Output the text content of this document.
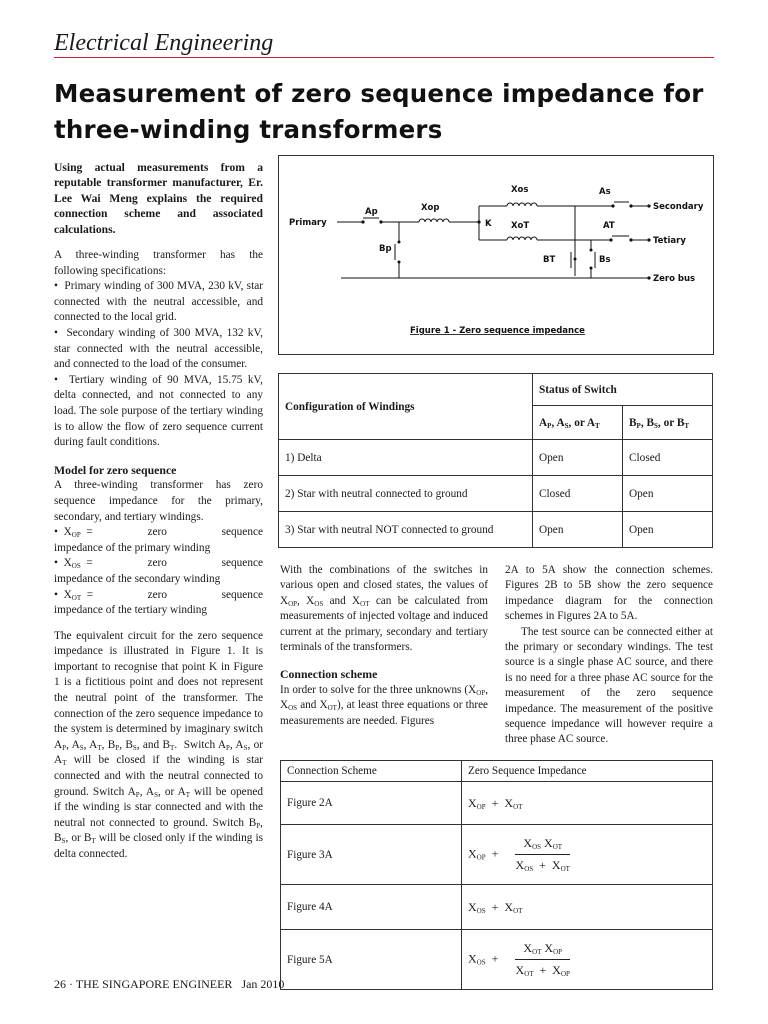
Electrical Engineering
Measurement of zero sequence impedance for three-winding transformers

Using actual measurements from a reputable transformer manufacturer, Er. Lee Wai Meng explains the required connection scheme and associated calculations.

A three-winding transformer has the following specifications:

•  Primary winding of 300 MVA, 230 kV, star connected with the neutral accessible, and connected to the local grid.

•  Secondary winding of 300 MVA, 132 kV, star connected with the neutral accessible, and connected to the load of the consumer.

•  Tertiary winding of 90 MVA, 15.75 kV, delta connected, and not connected to any load. The sole purpose of the tertiary winding is to allow the flow of zero sequence current during fault conditions.

Model for zero sequence

A three-winding transformer has zero sequence impedance for the primary, secondary, and tertiary windings.

•  $X_{OP}$ =	zero	sequence
impedance of the primary winding
•  $X_{OS}$ =	zero	sequence
impedance of the secondary winding
•  $X_{OT}$ =	zero	sequence
impedance of the tertiary winding

The equivalent circuit for the zero sequence impedance is illustrated in Figure 1. It is important to recognise that point K in Figure 1 is a fictitious point and does not represent the neutral point of the transformer. The connection of the zero sequence impedance to the system is determined by imaginary switch $A_P$, $A_S$, $A_T$, $B_P$, $B_S$, and $B_T$.  Switch $A_P$, $A_S$, or $A_T$ will be closed if the winding is star connected and with the neutral connected to ground. Switch $A_P$, $A_S$, or $A_T$ will be opened if the winding is star connected and with the neutral not connected to ground. Switch $B_P$, $B_S$, or $B_T$ will be closed only if the winding is delta connected.

Primary
Ap	Xop
Bp
K
Xos
XoT
As
AT
BT	Bs
Secondary
Tetiary
Zero bus
Figure 1 - Zero sequence impedance
Configuration of Windings	Status of Switch	
	$A_P$, $A_S$, or $A_T$	$B_P$, $B_S$, or $B_T$
1) Delta	Open	Closed
2) Star with neutral connected to ground	Closed	Open
3) Star with neutral NOT connected to ground	Open	Open

With the combinations of the switches in various open and closed states, the values of $X_{OP}$, $X_{OS}$ and $X_{OT}$ can be calculated from measurements of injected voltage and induced current at the primary, secondary and tertiary terminals of the transformers.

Connection scheme

In order to solve for the three unknowns ($X_{OP}$, $X_{OS}$ and $X_{OT}$), at least three equations or three measurements are needed. Figures

2A to 5A show the connection schemes. Figures 2B to 5B show the zero sequence impedance diagram for the connection schemes in Figures 2A to 5A.

The test source can be connected either at the primary or secondary windings. The test source is a single phase AC source, and there is no need for a three phase AC source for the measurement of the zero sequence impedance. The measurement of the positive sequence impedance will however require a three phase AC source.

Connection Scheme	Zero Sequence Impedance
Figure 2A	$X_{OP} + X_{OT}$
Figure 3A	$X_{OP} + \frac{X_{OS} X_{OT}}{X_{OS} + X_{OT}}$

Figure 4A	$X_{OS} + X_{OT}$
Figure 5A	$X_{OS} + \frac{X_{OT} X_{OP}}{X_{OT} + X_{OP}}$
26 · THE SINGAPORE ENGINEER Jan 2010
